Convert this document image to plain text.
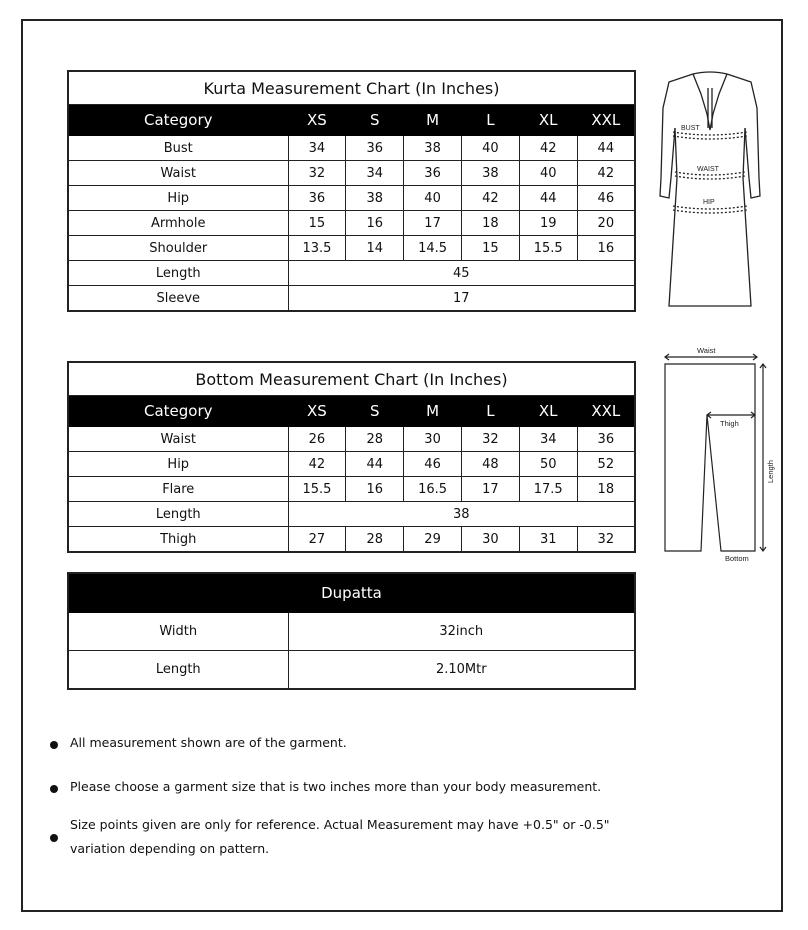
Kurta Measurement Chart (In Inches)						
Category	XS	S	M	L	XL	XXL
Bust	34	36	38	40	42	44
Waist	32	34	36	38	40	42
Hip	36	38	40	42	44	46
Armhole	15	16	17	18	19	20
Shoulder	13.5	14	14.5	15	15.5	16
Length	45					
Sleeve	17					
Bottom Measurement Chart (In Inches)						
Category	XS	S	M	L	XL	XXL
Waist	26	28	30	32	34	36
Hip	42	44	46	48	50	52
Flare	15.5	16	16.5	17	17.5	18
Length	38					
Thigh	27	28	29	30	31	32
Dupatta	
Width	32inch
Length	2.10Mtr
BUST
WAIST
HIP
Waist
Thigh
Bottom
Length
All measurement shown are of the garment.
Please choose a garment size that is two inches more than your body measurement.
Size points given are only for reference. Actual Measurement may have +0.5" or -0.5"
variation depending on pattern.
